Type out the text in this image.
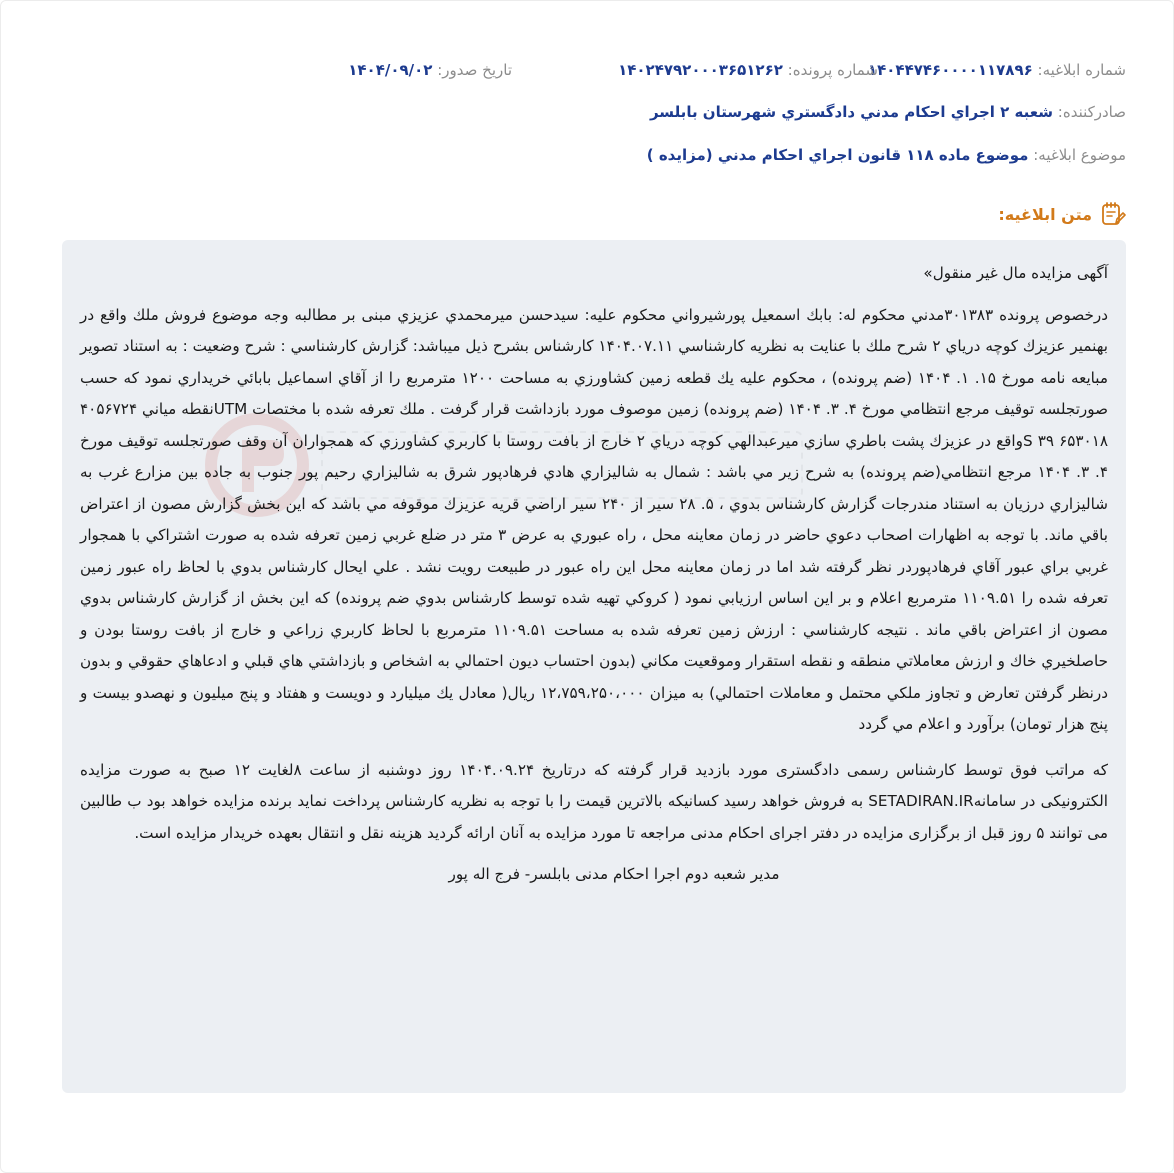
شماره ابلاغیه: ۱۴۰۴۴۷۴۶۰۰۰۰۱۱۷۸۹۶
شماره پرونده: ۱۴۰۲۴۷۹۲۰۰۰۳۶۵۱۲۶۲
تاریخ صدور: ۱۴۰۴/۰۹/۰۲
صادرکننده: شعبه ۲ اجراي احكام مدني دادگستري شهرستان بابلسر
موضوع ابلاغیه: موضوع ماده ۱۱۸ قانون اجراي احكام مدني (مزايده )
متن ابلاغیه:

آگهی مزایده مال غیر منقول»

درخصوص پرونده ۳۰۱۳۸۳مدني محكوم له: بابك اسمعيل پورشيرواني محكوم عليه: سيدحسن ميرمحمدي عزيزي مبنی بر مطالبه وجه موضوع فروش ملك واقع در بهنمير عزيزك كوچه درياي ۲ شرح ملك با عنايت به نظريه كارشناسي ۱۴۰۴.۰۷.۱۱ كارشناس بشرح ذيل ميباشد: گزارش كارشناسي : شرح وضعيت : به استناد تصوير مبايعه نامه مورخ ۱۵. ۱. ۱۴۰۴ (ضم پرونده) ، محكوم عليه يك قطعه زمين كشاورزي به مساحت ۱۲۰۰ مترمربع را از آقاي اسماعيل بابائي خريداري نمود كه حسب صورتجلسه توقيف مرجع انتظامي مورخ ۴. ۳. ۱۴۰۴ (ضم پرونده) زمين موصوف مورد بازداشت قرار گرفت . ملك تعرفه شده با مختصات UTMنقطه مياني ۴۰۵۶۷۲۴ ۶۵۳۰۱۸ ۳۹ Sواقع در عزيزك پشت باطري سازي ميرعبدالهي كوچه درياي ۲ خارج از بافت روستا با كاربري كشاورزي كه همجواران آن وقف صورتجلسه توقيف مورخ ۴. ۳. ۱۴۰۴ مرجع انتظامي(ضم پرونده) به شرح زير مي باشد : شمال به شاليزاري هادي فرهادپور شرق به شاليزاري رحيم پور جنوب به جاده بين مزارع غرب به شاليزاري درزيان به استناد مندرجات گزارش كارشناس بدوي ، ۵. ۲۸ سير از ۲۴۰ سير اراضي قريه عزيزك موقوفه مي باشد كه اين بخش گزارش مصون از اعتراض باقي ماند. با توجه به اظهارات اصحاب دعوي حاضر در زمان معاينه محل ، راه عبوري به عرض ۳ متر در ضلع غربي زمين تعرفه شده به صورت اشتراكي با همجوار غربي براي عبور آقاي فرهادپوردر نظر گرفته شد اما در زمان معاينه محل اين راه عبور در طبيعت رويت نشد . علي ايحال كارشناس بدوي با لحاظ راه عبور زمين تعرفه شده را ۱۱۰۹.۵۱ مترمربع اعلام و بر اين اساس ارزيابي نمود ( كروكي تهيه شده توسط كارشناس بدوي ضم پرونده) كه اين بخش از گزارش كارشناس بدوي مصون از اعتراض باقي ماند . نتيجه كارشناسي : ارزش زمين تعرفه شده به مساحت ۱۱۰۹.۵۱ مترمربع با لحاظ كاربري زراعي و خارج از بافت روستا بودن و حاصلخيري خاك و ارزش معاملاتي منطقه و نقطه استقرار وموقعيت مكاني (بدون احتساب ديون احتمالي به اشخاص و بازداشتي هاي قبلي و ادعاهاي حقوقي و بدون درنظر گرفتن تعارض و تجاوز ملكي محتمل و معاملات احتمالي) به ميزان ۱۲،۷۵۹،۲۵۰،۰۰۰ ريال( معادل يك ميليارد و دويست و هفتاد و پنج ميليون و نهصدو بيست و پنج هزار تومان) برآورد و اعلام مي گردد

که مراتب فوق توسط کارشناس رسمی دادگستری مورد بازدید قرار گرفته که درتاریخ ۱۴۰۴.۰۹.۲۴ روز دوشنبه از ساعت ۸لغایت ۱۲ صبح به صورت مزایده الکترونیکی در سامانهSETADIRAN.IR به فروش خواهد رسید کسانیکه بالاترین قیمت را با توجه به نظریه کارشناس پرداخت نماید برنده مزایده خواهد بود ب طالبین می توانند ۵ روز قبل از برگزاری مزایده در دفتر اجرای احکام مدنی مراجعه تا مورد مزایده به آنان ارائه گردید هزینه نقل و انتقال بعهده خریدار مزایده است.

مدیر شعبه دوم اجرا احکام مدنی بابلسر- فرج اله پور
